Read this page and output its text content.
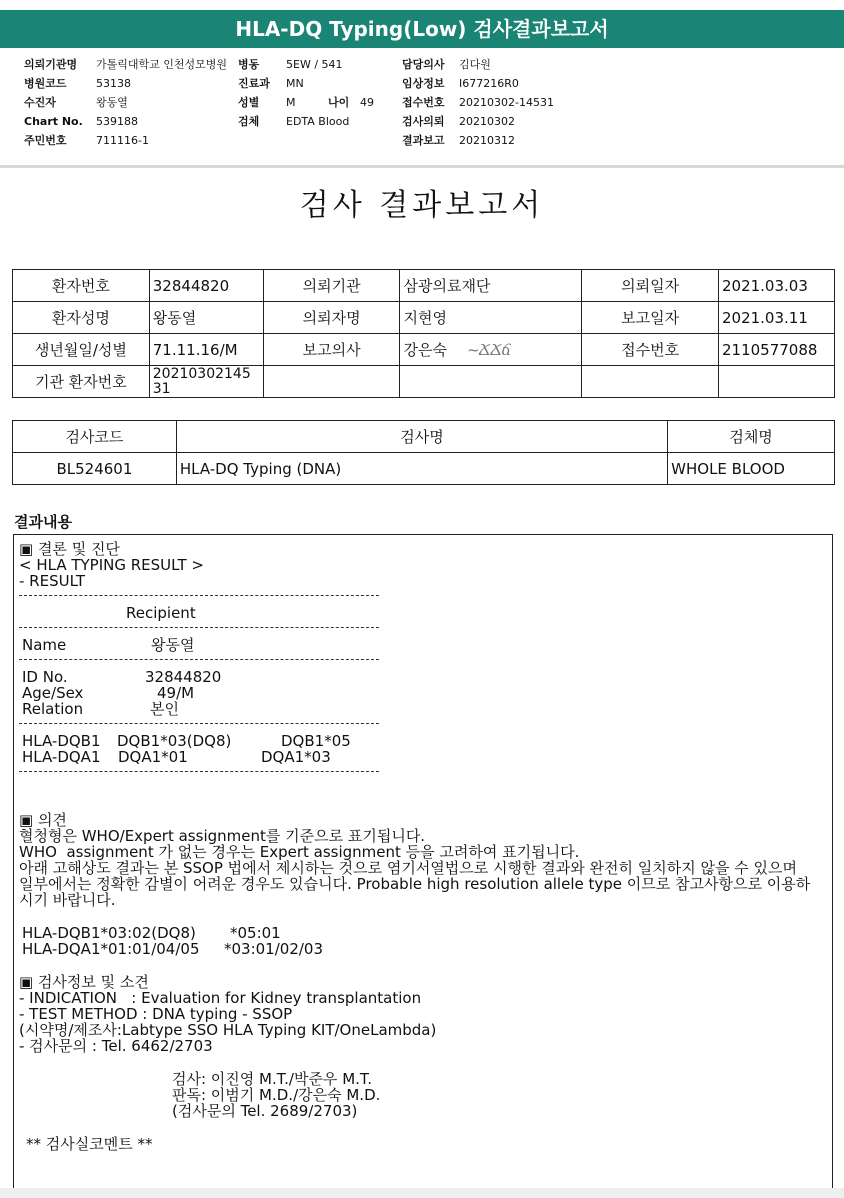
HLA-DQ Typing(Low) 검사결과보고서
의뢰기관명 가톨릭대학교 인천성모병원
병원코드	53138
수진자	왕동열
Chart No. 539188
주민번호	711116-1
병동 5EW / 541
진료과 MN
성별 M	나이 49
검체 EDTA Blood
담당의사 김다원
임상정보 I677216R0
접수번호 20210302-14531
검사의뢰 20210302
결과보고 20210312
검사 결과보고서
환자번호	32844820	의뢰기관	삼광의료재단	의뢰일자	2021.03.03
환자성명	왕동열	의뢰자명	지현영	보고일자	2021.03.11
생년월일/성별	71.11.16/M	보고의사	강은숙 ~ՃՃճ	접수번호	2110577088
기관 환자번호	20210302145
31				
검사코드	검사명	검체명
BL524601	HLA-DQ Typing (DNA)	WHOLE BLOOD
결과내용
▣ 결론 및 진단
< HLA TYPING RESULT >
- RESULT
Recipient
Name	왕동열
ID No.	32844820
Age/Sex	49/M
Relation	본인
HLA-DQB1 DQB1*03(DQ8)	DQB1*05
HLA-DQA1 DQA1*01	DQA1*03
▣ 의견
혈청형은 WHO/Expert assignment를 기준으로 표기됩니다.
WHO  assignment 가 없는 경우는 Expert assignment 등을 고려하여 표기됩니다.
아래 고해상도 결과는 본 SSOP 법에서 제시하는 것으로 염기서열법으로 시행한 결과와 완전히 일치하지 않을 수 있으며
일부에서는 정확한 감별이 어려운 경우도 있습니다. Probable high resolution allele type 이므로 참고사항으로 이용하
시기 바랍니다.
HLA-DQB1*03:02(DQ8) *05:01
HLA-DQA1*01:01/04/05 *03:01/02/03
▣ 검사정보 및 소견
- INDICATION   : Evaluation for Kidney transplantation
- TEST METHOD : DNA typing - SSOP
(시약명/제조사:Labtype SSO HLA Typing KIT/OneLambda)
- 검사문의 : Tel. 6462/2703
검사: 이진영 M.T./박준우 M.T.
판독: 이범기 M.D./강은숙 M.D.
(검사문의 Tel. 2689/2703)
** 검사실코멘트 **
